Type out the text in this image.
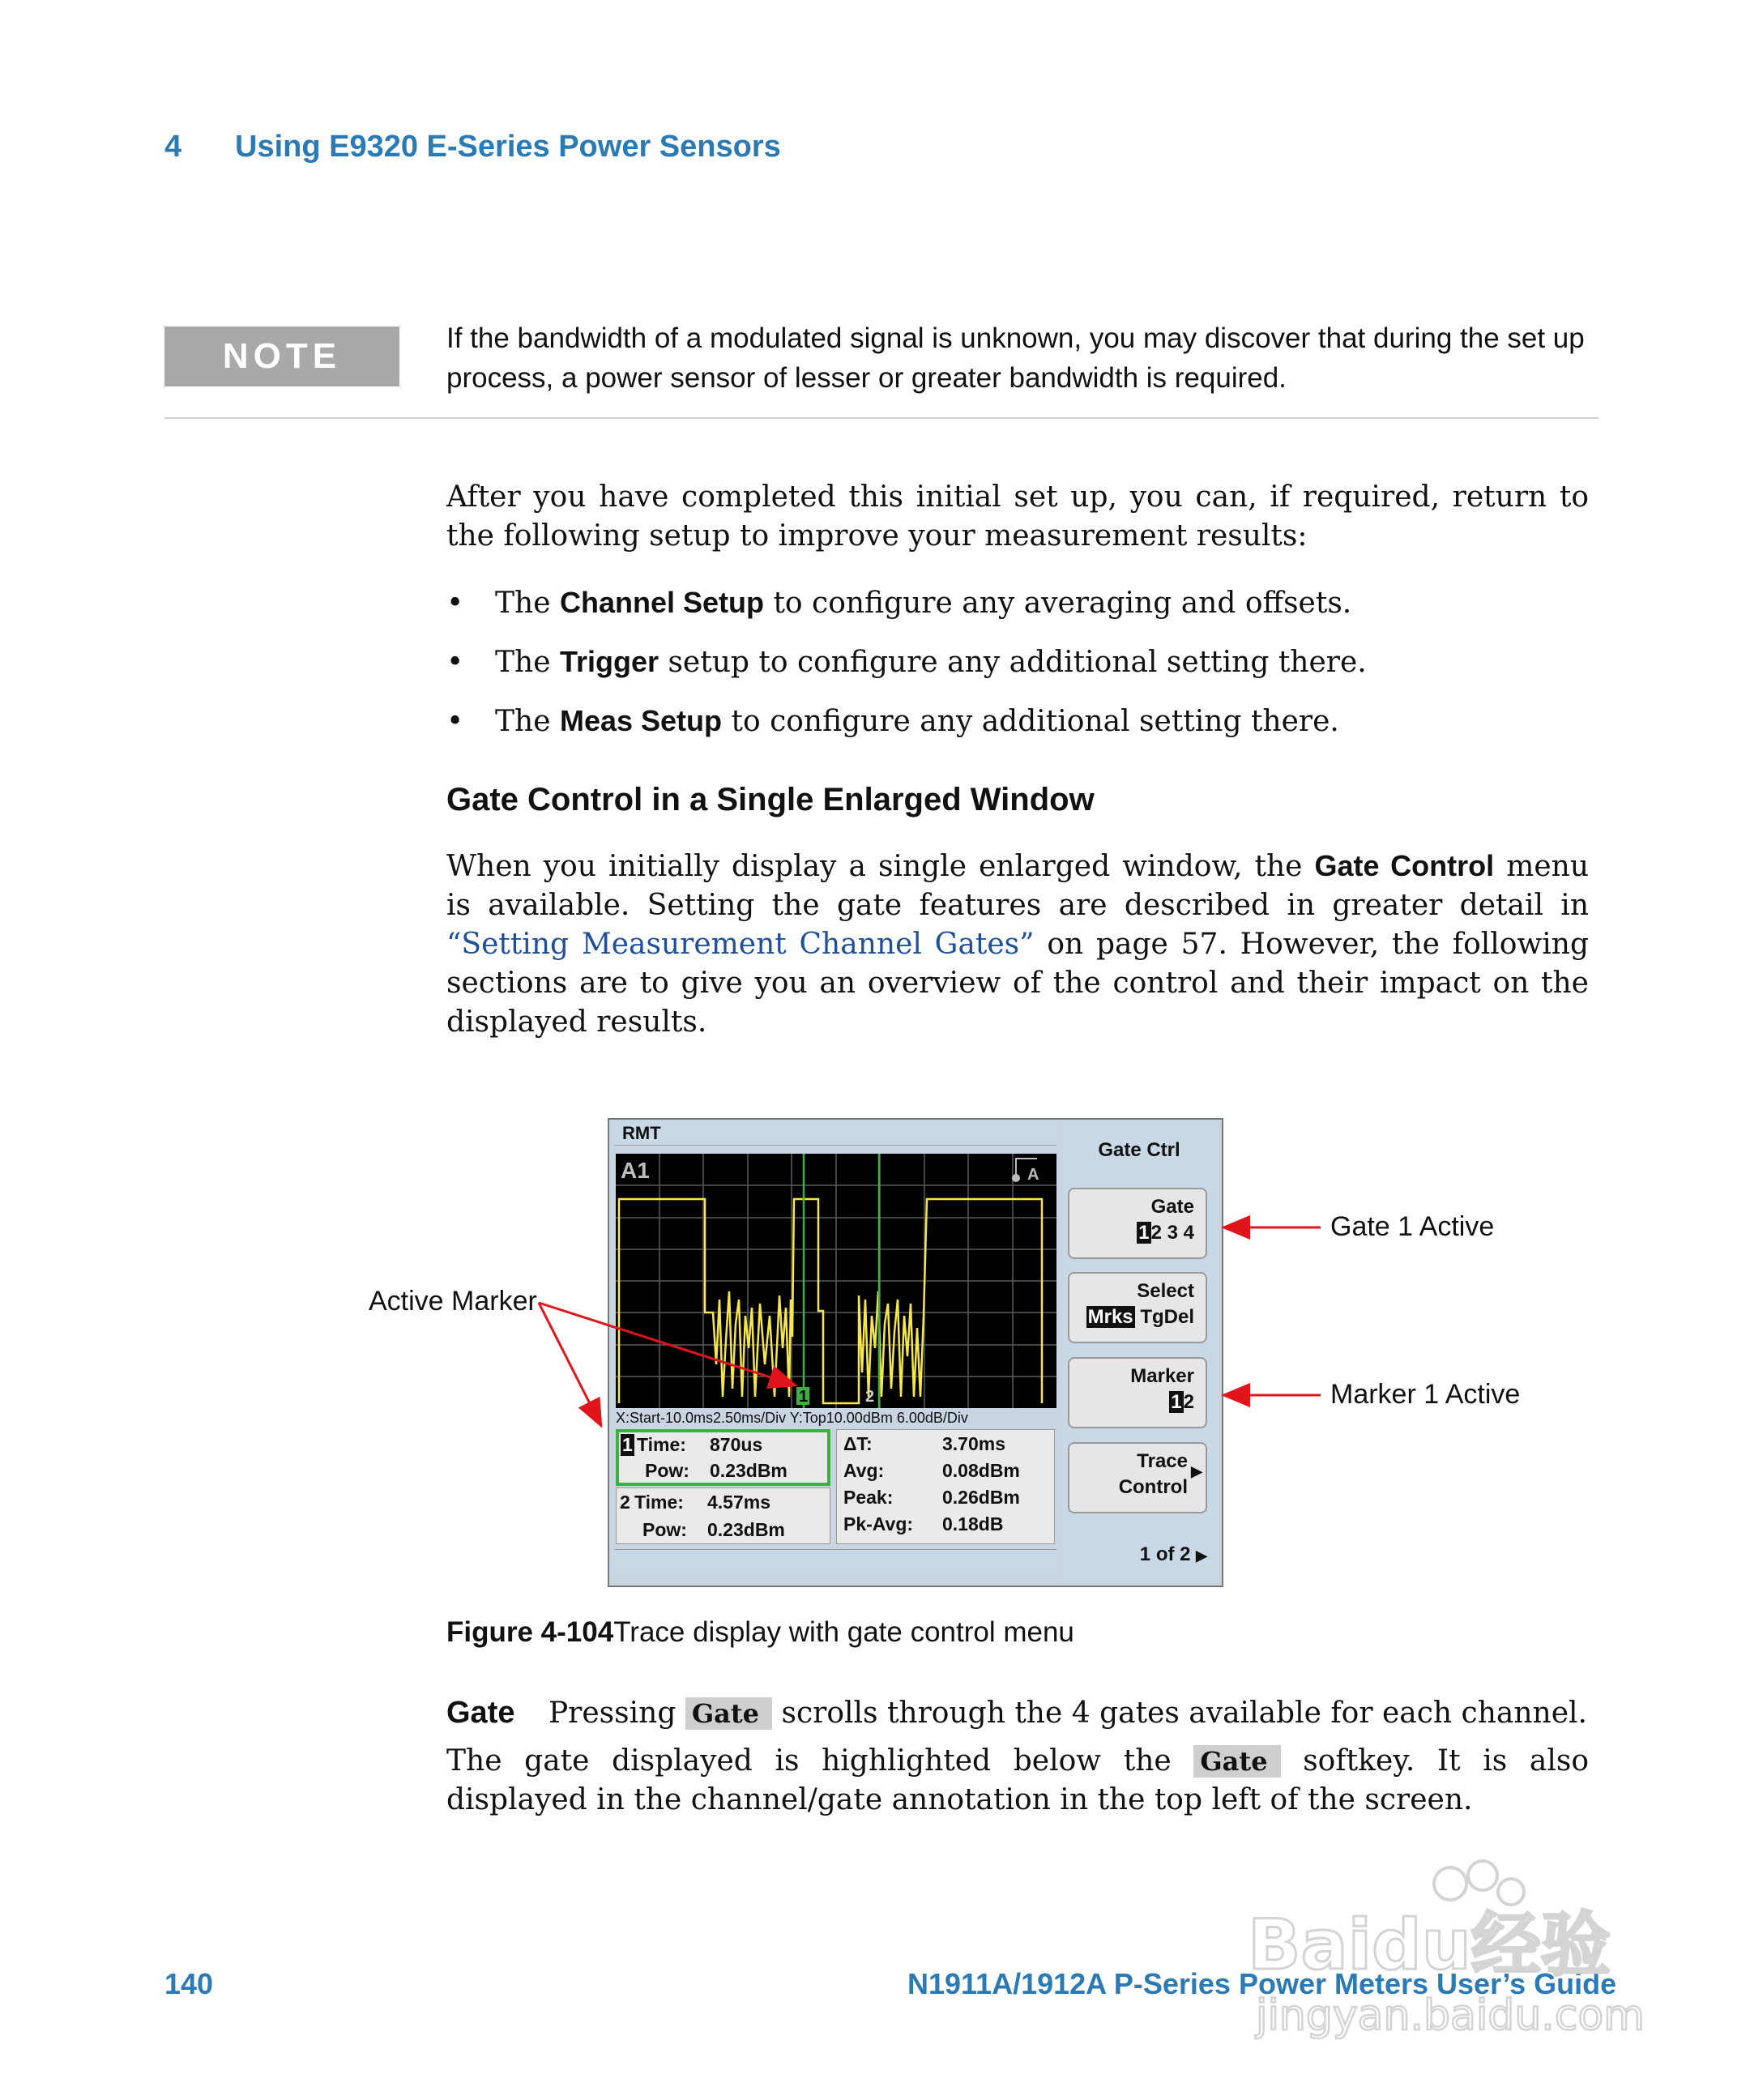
4 Using E9320 E-Series Power Sensors
NOTE	If the bandwidth of a modulated signal is unknown, you may discover that during the set up process, a power sensor of lesser or greater bandwidth is required.
After you have completed this initial set up, you can, if required, return to the following setup to improve your measurement results:
• The Channel Setup to configure any averaging and offsets.
• The Trigger setup to configure any additional setting there.
• The Meas Setup to configure any additional setting there.
Gate Control in a Single Enlarged Window
When you initially display a single enlarged window, the Gate Control menu is available. Setting the gate features are described in greater detail in “Setting Measurement Channel Gates” on page 57. However, the following sections are to give you an overview of the control and their impact on the displayed results.
RMT
1	2
A1	A
X:Start-10.0ms2.50ms/Div Y:Top10.00dBm 6.00dB/Div
1 Time: 870us
Pow: 0.23dBm
2 Time: 4.57ms
Pow: 0.23dBm
ΔT:	3.70ms
Avg:	0.08dBm
Peak:	0.26dBm
Pk-Avg: 0.18dB
Gate Ctrl
Gate
12 3 4
Select
Mrks TgDel
Marker
12
Trace
Control
▶
1 of 2 ▶
Gate 1 Active
Marker 1 Active
Active Marker
Figure 4-104Trace display with gate control menu
Gate Pressing Gate scrolls through the 4 gates available for each channel.
The gate displayed is highlighted below the Gate softkey. It is also displayed in the channel/gate annotation in the top left of the screen.
140	N1911A/1912A P-Series Power Meters User’s Guide
Baidu经验
jingyan.baidu.com
